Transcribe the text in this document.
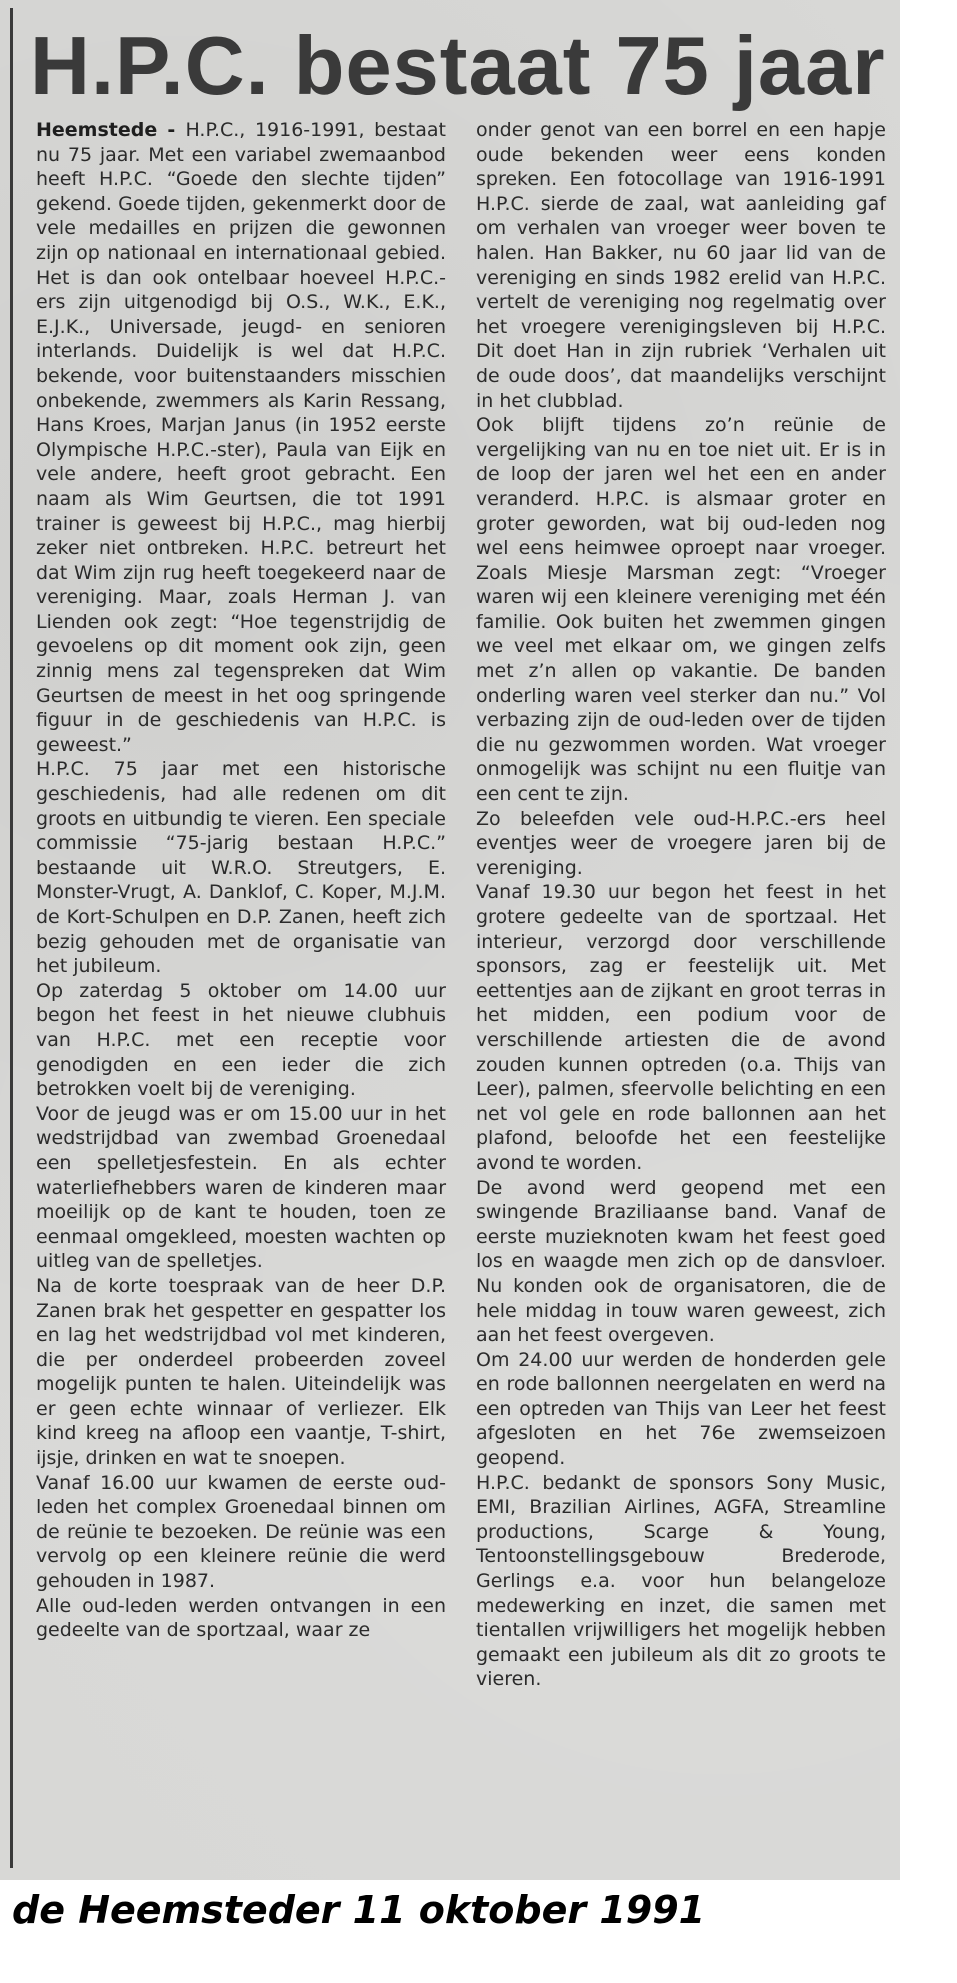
H.P.C. bestaat 75 jaar

Heemstede - H.P.C., 1916-1991, bestaat nu 75 jaar. Met een variabel zwemaanbod heeft H.P.C. “Goede den slechte tijden” gekend. Goede tijden, gekenmerkt door de vele medailles en prijzen die gewonnen zijn op nationaal en internationaal gebied. Het is dan ook ontelbaar hoeveel H.P.C.-ers zijn uitgenodigd bij O.S., W.K., E.K., E.J.K., Universade, jeugd- en senioren interlands. Duidelijk is wel dat H.P.C. bekende, voor buitenstaanders misschien onbekende, zwemmers als Karin Ressang, Hans Kroes, Marjan Janus (in 1952 eerste Olympische H.P.C.-ster), Paula van Eijk en vele andere, heeft groot gebracht. Een naam als Wim Geurtsen, die tot 1991 trainer is geweest bij H.P.C., mag hierbij zeker niet ontbreken. H.P.C. betreurt het dat Wim zijn rug heeft toegekeerd naar de vereniging. Maar, zoals Herman J. van Lienden ook zegt: “Hoe tegenstrijdig de gevoelens op dit moment ook zijn, geen zinnig mens zal tegenspreken dat Wim Geurtsen de meest in het oog springende figuur in de geschiedenis van H.P.C. is geweest.”

H.P.C. 75 jaar met een historische geschiedenis, had alle redenen om dit groots en uitbundig te vieren. Een speciale commissie “75-jarig bestaan H.P.C.” bestaande uit W.R.O. Streutgers, E. Monster-Vrugt, A. Danklof, C. Koper, M.J.M. de Kort-Schulpen en D.P. Zanen, heeft zich bezig gehouden met de organisatie van het jubileum.

Op zaterdag 5 oktober om 14.00 uur begon het feest in het nieuwe clubhuis van H.P.C. met een receptie voor genodigden en een ieder die zich betrokken voelt bij de vereniging.

Voor de jeugd was er om 15.00 uur in het wedstrijdbad van zwembad Groenedaal een spelletjesfestein. En als echter waterliefhebbers waren de kinderen maar moeilijk op de kant te houden, toen ze eenmaal omgekleed, moesten wachten op uitleg van de spelletjes.

Na de korte toespraak van de heer D.P. Zanen brak het gespetter en gespatter los en lag het wedstrijdbad vol met kinderen, die per onderdeel probeerden zoveel mogelijk punten te halen. Uiteindelijk was er geen echte winnaar of verliezer. Elk kind kreeg na afloop een vaantje, T-shirt, ijsje, drinken en wat te snoepen.

Vanaf 16.00 uur kwamen de eerste oud-leden het complex Groenedaal binnen om de reünie te bezoeken. De reünie was een vervolg op een kleinere reünie die werd gehouden in 1987.

Alle oud-leden werden ontvangen in een gedeelte van de sportzaal, waar ze

onder genot van een borrel en een hapje oude bekenden weer eens konden spreken. Een fotocollage van 1916-1991 H.P.C. sierde de zaal, wat aanleiding gaf om verhalen van vroeger weer boven te halen. Han Bakker, nu 60 jaar lid van de vereniging en sinds 1982 erelid van H.P.C. vertelt de vereniging nog regelmatig over het vroegere verenigingsleven bij H.P.C. Dit doet Han in zijn rubriek ‘Verhalen uit de oude doos’, dat maandelijks verschijnt in het clubblad.

Ook blijft tijdens zo’n reünie de vergelijking van nu en toe niet uit. Er is in de loop der jaren wel het een en ander veranderd. H.P.C. is alsmaar groter en groter geworden, wat bij oud-leden nog wel eens heimwee oproept naar vroeger. Zoals Miesje Marsman zegt: “Vroeger waren wij een kleinere vereniging met één familie. Ook buiten het zwemmen gingen we veel met elkaar om, we gingen zelfs met z’n allen op vakantie. De banden onderling waren veel sterker dan nu.” Vol verbazing zijn de oud-leden over de tijden die nu gezwommen worden. Wat vroeger onmogelijk was schijnt nu een fluitje van een cent te zijn.

Zo beleefden vele oud-H.P.C.-ers heel eventjes weer de vroegere jaren bij de vereniging.

Vanaf 19.30 uur begon het feest in het grotere gedeelte van de sportzaal. Het interieur, verzorgd door verschillende sponsors, zag er feestelijk uit. Met eettentjes aan de zijkant en groot terras in het midden, een podium voor de verschillende artiesten die de avond zouden kunnen optreden (o.a. Thijs van Leer), palmen, sfeervolle belichting en een net vol gele en rode ballonnen aan het plafond, beloofde het een feestelijke avond te worden.

De avond werd geopend met een swingende Braziliaanse band. Vanaf de eerste muzieknoten kwam het feest goed los en waagde men zich op de dansvloer. Nu konden ook de organisatoren, die de hele middag in touw waren geweest, zich aan het feest overgeven.

Om 24.00 uur werden de honderden gele en rode ballonnen neergelaten en werd na een optreden van Thijs van Leer het feest afgesloten en het 76e zwemseizoen geopend.

H.P.C. bedankt de sponsors Sony Music, EMI, Brazilian Airlines, AGFA, Streamline productions, Scarge & Young, Tentoonstellingsgebouw Brederode, Gerlings e.a. voor hun belangeloze medewerking en inzet, die samen met tientallen vrijwilligers het mogelijk hebben gemaakt een jubileum als dit zo groots te vieren.

de Heemsteder 11 oktober 1991
